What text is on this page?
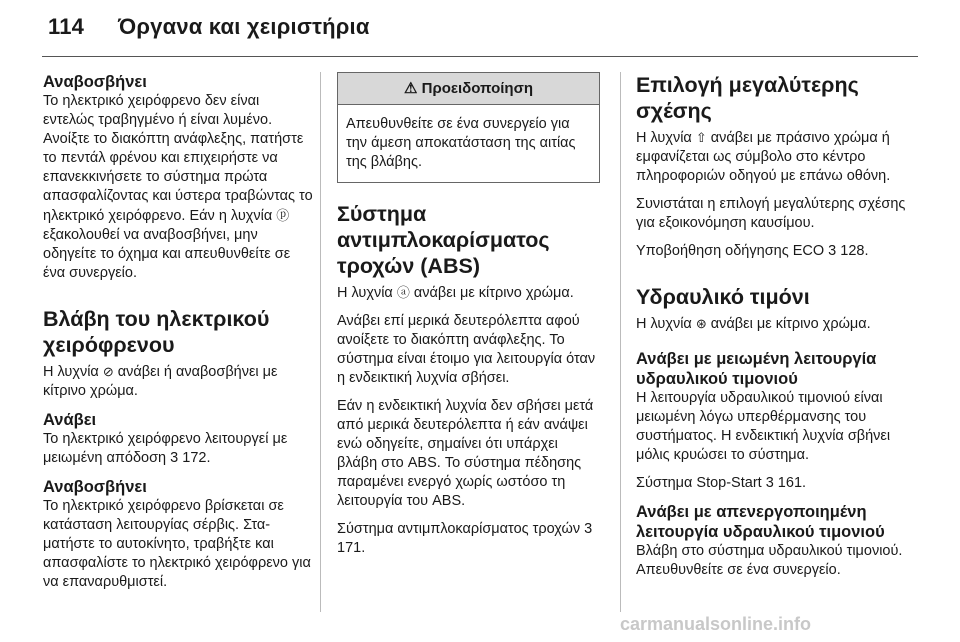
114 Όργανα και χειριστήρια
Αναβοσβήνει

Το ηλεκτρικό χειρόφρενο δεν είναι εντελώς τραβηγμένο ή είναι λυμένο. Ανοίξτε το διακόπτη ανάφλεξης, πατήστε το πεντάλ φρένου και επιχειρήστε να επανεκκινήσετε το σύστημα πρώτα απασφαλίζοντας και ύστερα τραβώντας το ηλεκτρικό χειρόφρενο. Εάν η λυχνία ⓟ εξακολουθεί να αναβοσβήνει, μην οδηγείτε το όχημα και απευθυνθείτε σε ένα συνεργείο.

Βλάβη του ηλεκτρικού χειρόφρενου

Η λυχνία ⊘ ανάβει ή αναβοσβήνει με κίτρινο χρώμα.

Ανάβει

Το ηλεκτρικό χειρόφρενο λειτουργεί με μειωμένη απόδοση 3 172.

Αναβοσβήνει

Το ηλεκτρικό χειρόφρενο βρίσκεται σε κατάσταση λειτουργίας σέρβις. Σταματήστε το αυτοκίνητο, τραβήξτε και απασφαλίστε το ηλεκτρικό χειρόφρενο για να επαναρυθμιστεί.

⚠ Προειδοποίηση
Απευθυνθείτε σε ένα συνεργείο για την άμεση αποκατάσταση της αιτίας της βλάβης.
Σύστημα αντιμπλοκαρίσματος τροχών (ABS)

Η λυχνία ⓐ ανάβει με κίτρινο χρώμα.

Ανάβει επί μερικά δευτερόλεπτα αφού ανοίξετε το διακόπτη ανάφλεξης. Το σύστημα είναι έτοιμο για λειτουργία όταν η ενδεικτική λυχνία σβήσει.

Εάν η ενδεικτική λυχνία δεν σβήσει μετά από μερικά δευτερόλεπτα ή εάν ανάψει ενώ οδηγείτε, σημαίνει ότι υπάρχει βλάβη στο ABS. Το σύστημα πέδησης παραμένει ενεργό χωρίς ωστόσο τη λειτουργία του ABS.

Σύστημα αντιμπλοκαρίσματος τροχών 3 171.

Επιλογή μεγαλύτερης σχέσης

Η λυχνία ⇧ ανάβει με πράσινο χρώμα ή εμφανίζεται ως σύμβολο στο κέντρο πληροφοριών οδηγού με επάνω οθόνη.

Συνιστάται η επιλογή μεγαλύτερης σχέσης για εξοικονόμηση καυσίμου.

Υποβοήθηση οδήγησης ECO 3 128.

Υδραυλικό τιμόνι

Η λυχνία ⊛ ανάβει με κίτρινο χρώμα.

Ανάβει με μειωμένη λειτουργία υδραυλικού τιμονιού

Η λειτουργία υδραυλικού τιμονιού είναι μειωμένη λόγω υπερθέρμανσης του συστήματος. Η ενδεικτική λυχνία σβήνει μόλις κρυώσει το σύστημα.

Σύστημα Stop-Start 3 161.

Ανάβει με απενεργοποιημένη λειτουργία υδραυλικού τιμονιού

Βλάβη στο σύστημα υδραυλικού τιμονιού. Απευθυνθείτε σε ένα συνεργείο.

carmanualsonline.info
